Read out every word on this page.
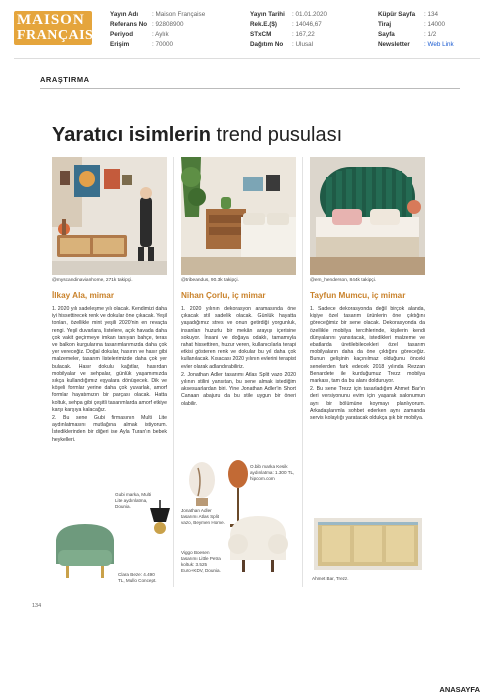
MAISON
FRANÇAISE
Yayın Adı : Maison Française
Referans No : 92808900
Periyod	: Aylık
Erişim	: 70000
Yayın Tarihi : 01.01.2020
Rek.E.($) : 14046,67
STxCM	: 167,22
Dağıtım No : Ulusal
Küpür Sayfa : 134
Tiraj	: 14000
Sayfa	: 1/2
Newsletter : Web Link
ARAŞTIRMA
Yaratıcı isimlerin trend pusulası
@myscandinavianhome, 271k takipçi.
İlkay Ala, mimar

1. 2020 yılı sadeleşme yılı olacak. Kendimizi daha iyi hissettirecek renk ve dokular öne çıkacak. Yeşil tonları, özellikle mint yeşili 2020'nin en revaçta rengi. Yeşil duvarlara, listelere, açık havada daha çok vakit geçirmeye imkan tanıyan bahçe, teras ve balkon kurgularına tasarımlarımızda daha çok yer vereceğiz. Doğal dokular, hasırın ve hasır gibi malzemeler, tasarım listelerimizde daha çok yer bulacak. Hasır dokulu kağıtlar, hasırdan mobilyalar ve sehpalar, günlük yaşamımızda sıkça kullandığımız eşyalara dönüşecek. Dik ve köşeli formlar yerine daha çok yuvarlak, amorf formlar hayatımızın bir parçası olacak. Hatta koltuk, sehpa gibi çeşitli tasarımlarda amorf etkiye karşı karşıya kalacağız.

2. Bu sene Gubi firmasının Multi Lite aydınlatmasını mutlağına almak istiyorum. İstediklerinden bir diğeri ise Ayla Turan'ın bebek heykelleri.

Gubi marka, Multi Lite aydınlatma, Dounia.
Clara Beze: 4.490 TL, Mullo Concept.
@tribeandus, 90.3k takipçi.
Nihan Çorlu, iç mimar

1. 2020 yılının dekorasyon aramasında öne çıkacak stil sadelik olacak. Günlük hayatta yaşadığımız stres ve onun getirdiği yorgunluk, insanları huzurlu bir mekân arayışı içerisine sokuyor. İnsani ve doğaya odaklı, tamamıyla rahat hissettiren, huzur veren, kullanıcılarla terapi etkisi gösteren renk ve dokular bu yıl daha çok kullanılacak. Kısacası 2020 yılının evlerini terapist evler olarak adlandırabiliriz.

2. Jonathan Adler tasarımı Atlas Split vazo 2020 yılının stilini yansıtan, bu sene almak istediğim aksesuarlardan biri. Yine Jonathan Adler'in Short Canaan abajuru da bu stile uygun bir öneri olabilir.

O.bib marka Kesik aydınlatma: 1.300 TL, hipcom.com
Jonathan Adler tasarımı Atlas Split vazo, Beymen Home.
Viggo Boesen tasarımı Little Petra koltuk: 3.525 Euro+KDV, Dounia.
@em_henderson, 844k takipçi.
Tayfun Mumcu, iç mimar

1. Sadece dekorasyonda değil birçok alanda, kişiye özel tasarım ürünlerin öne çıktığını göreceğimiz bir sene olacak. Dekorasyonda da özellikle mobilya tercihlerinde, kişilerin kendi dünyalarını yansıtacak, istedikleri malzeme ve ebatlarda üretilebilecekleri özel tasarım mobilyaların daha da öne çıktığını göreceğiz. Bunun gelişinin kaçınılmaz olduğunu önceki senelerden fark edecek 2018 yılında Rezzan Benardete ile kurduğumuz Trezz mobilya markası, tam da bu alanı dolduruyor.

2. Bu sene Trezz için tasarladığım Ahmet Bar'ın deri versiyonunu evim için yaşarak salonumun ayrı bir bölümüne koymayı planlıyorum. Arkadaşlarımla sohbet ederken aynı zamanda servis kolaylığı yaratacak oldukça şık bir mobilya.

Ahmet Bar, Trezz.
134
ANASAYFA
